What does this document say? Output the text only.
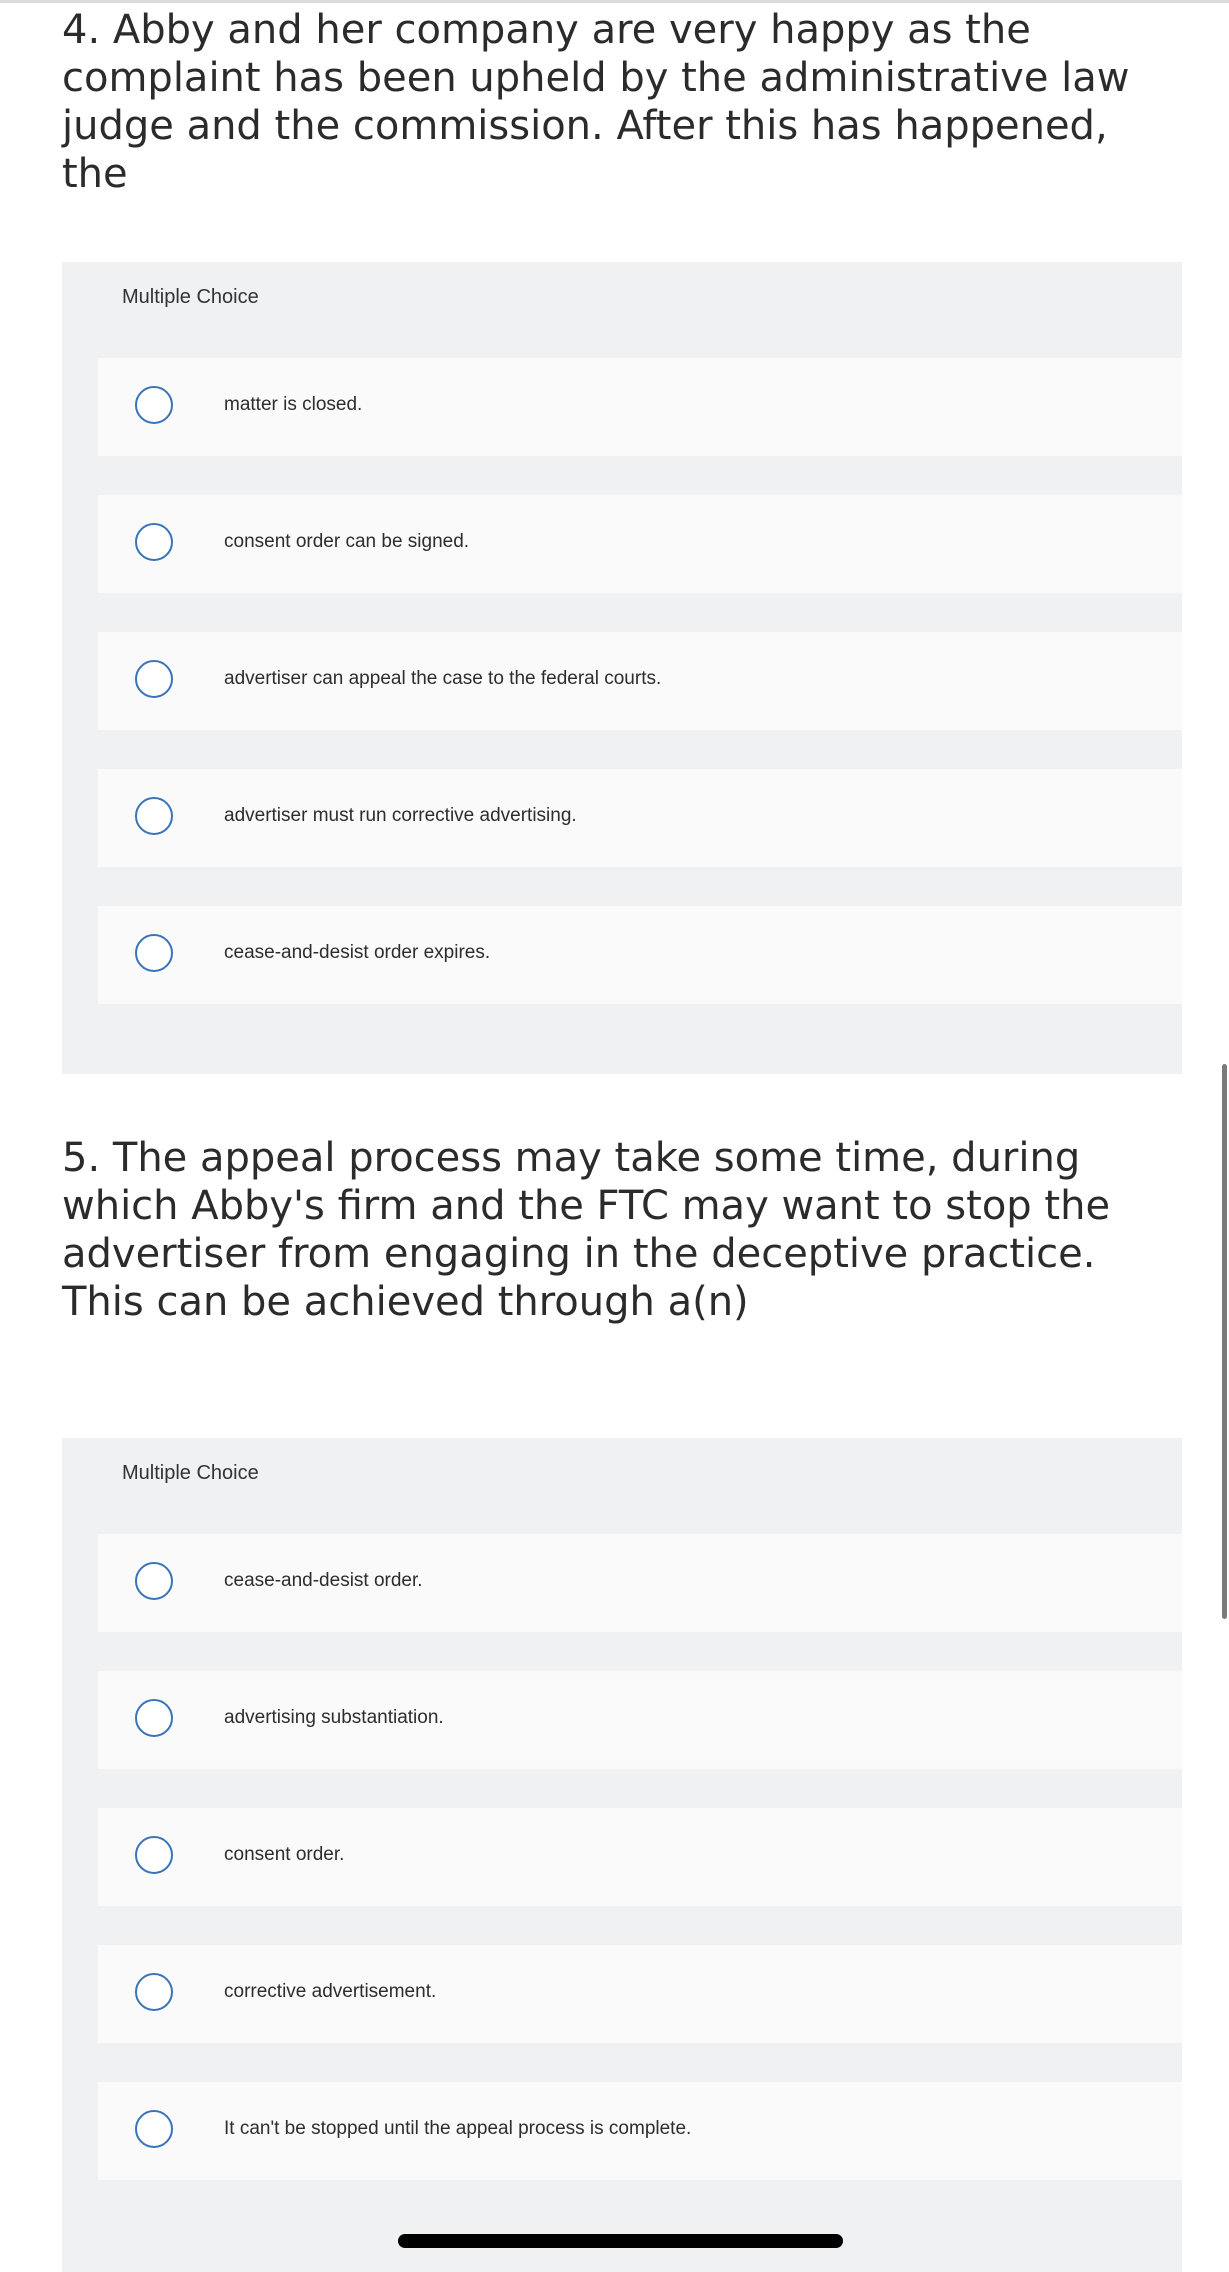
4. Abby and her company are very happy as the complaint has been upheld by the administrative law judge and the commission. After this has happened, the

Multiple Choice
matter is closed.
consent order can be signed.
advertiser can appeal the case to the federal courts.
advertiser must run corrective advertising.
cease-and-desist order expires.

5. The appeal process may take some time, during which Abby's firm and the FTC may want to stop the advertiser from engaging in the deceptive practice. This can be achieved through a(n)

Multiple Choice
cease-and-desist order.
advertising substantiation.
consent order.
corrective advertisement.
It can't be stopped until the appeal process is complete.
